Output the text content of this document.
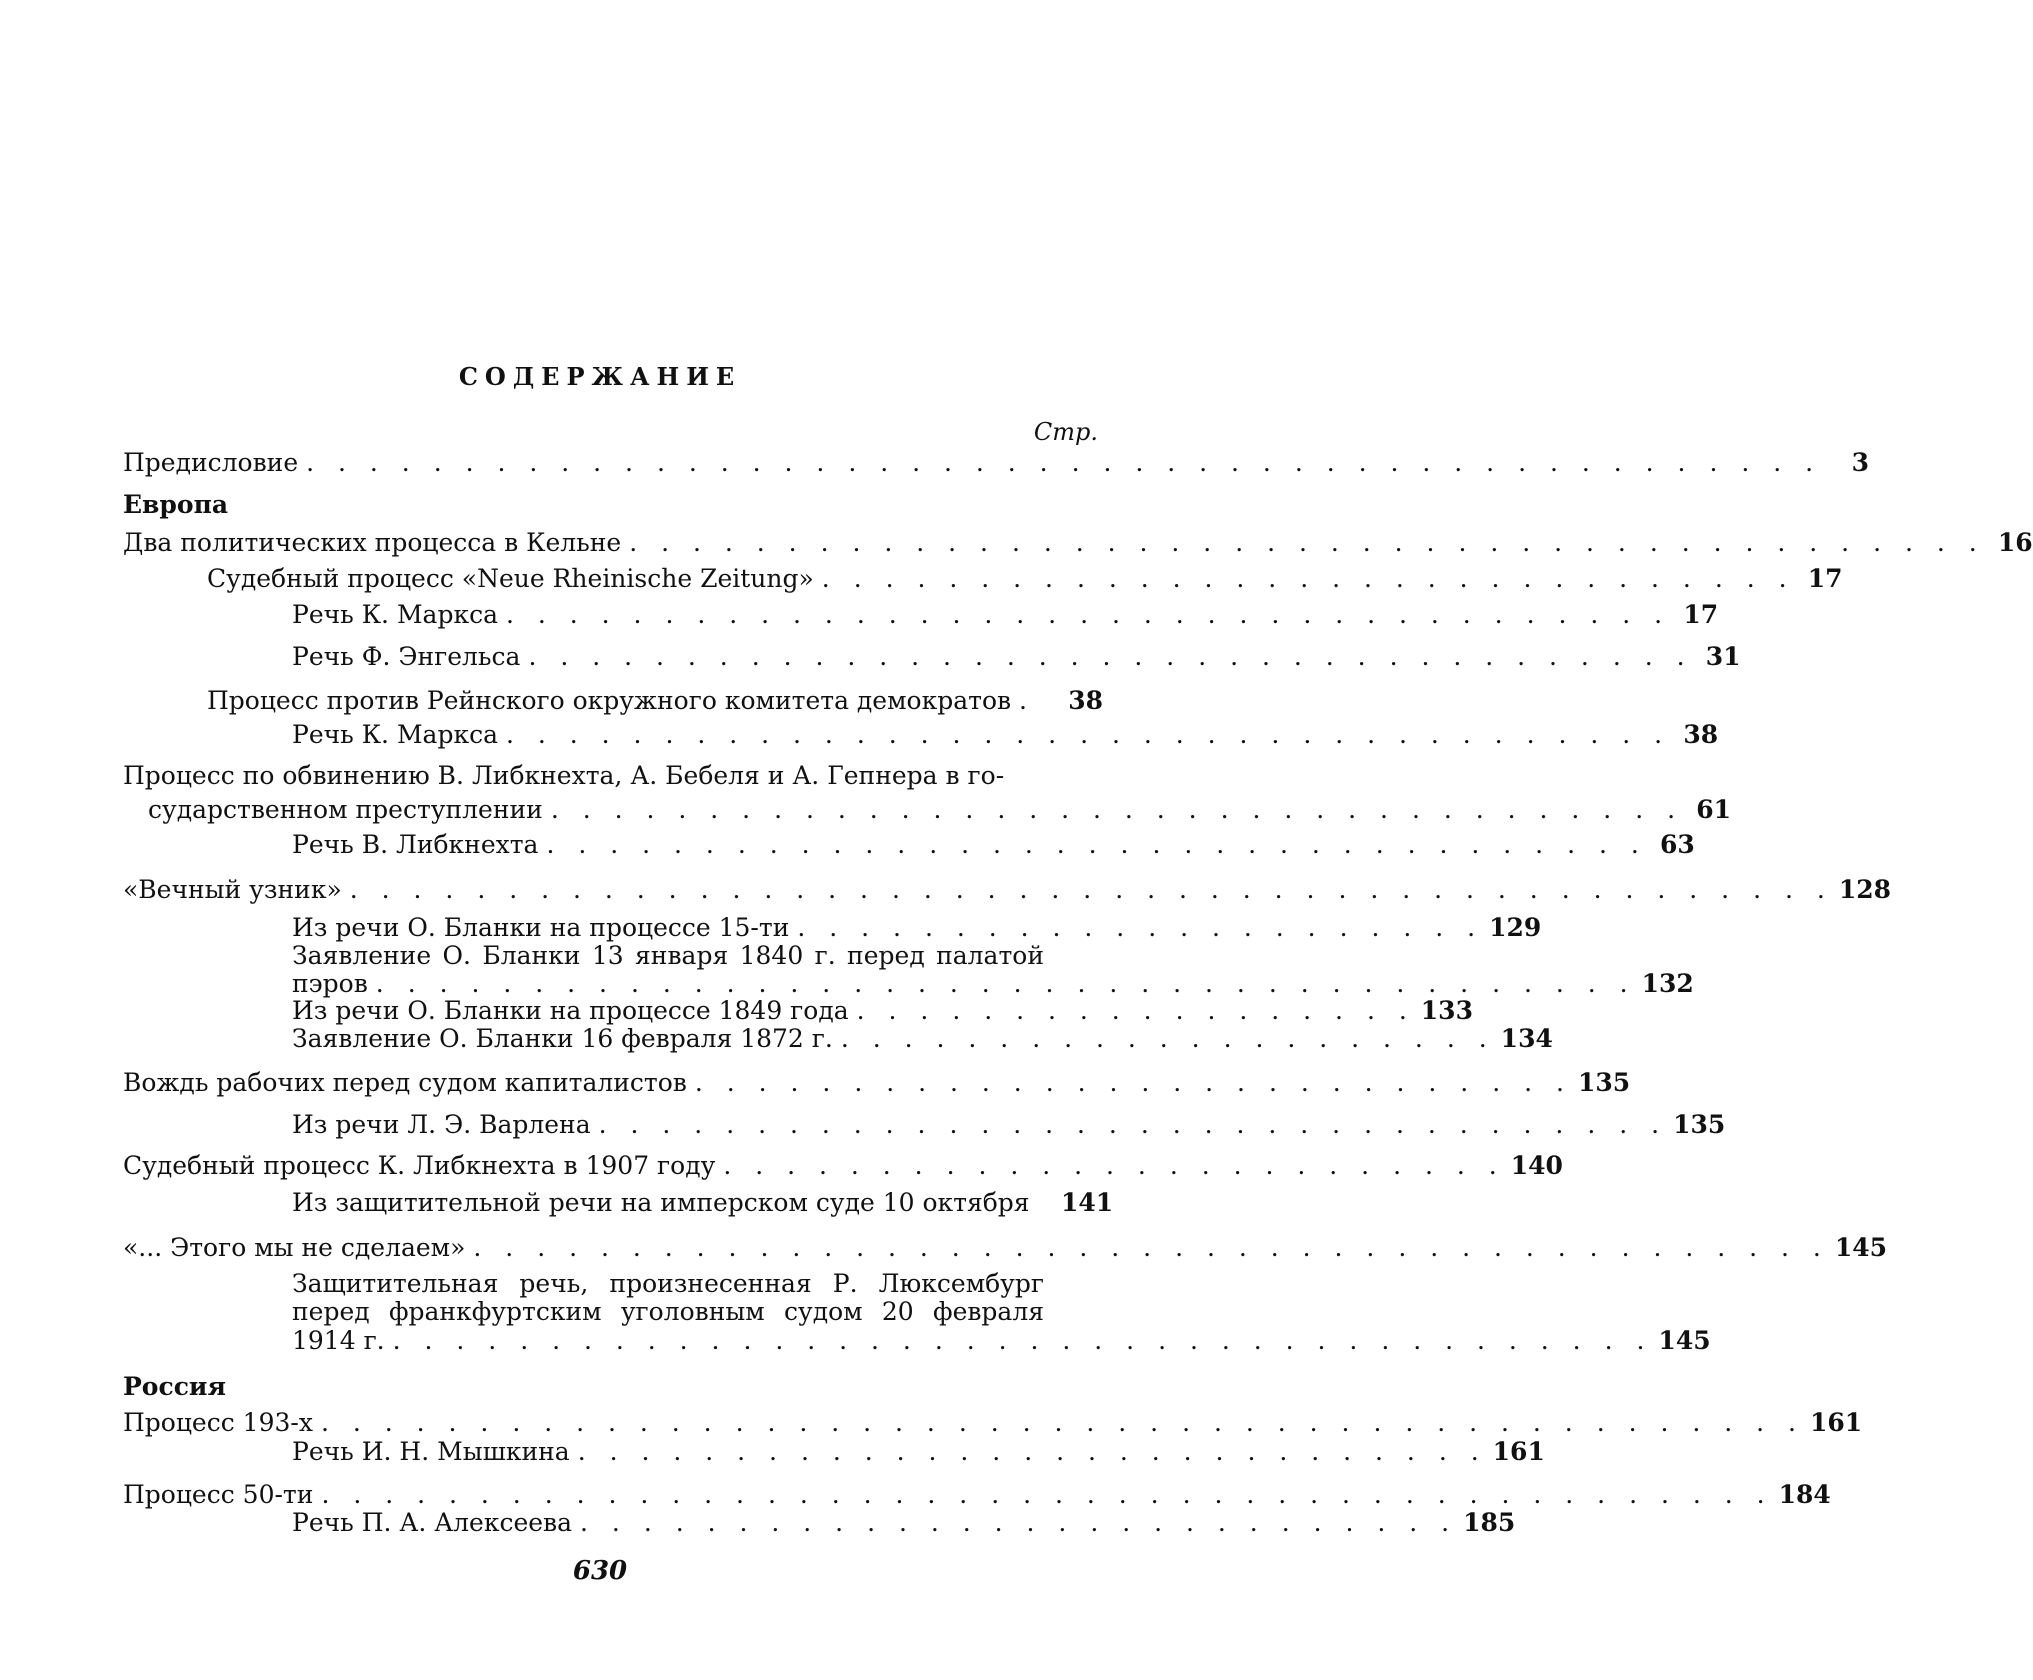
СОДЕРЖАНИЕ
Стр.
Предисловие . . . . . . . . . . . . . . . . . . . . . . . . . . . . . . . . . . . . . . . . . . . . . . . .	3
Европа
Два политических процесса в Кельне . . . . . . . . . . . . . . . . . . . . . . . . . . . . . . . . . . . . . . . . . . . 16
Судебный процесс «Neue Rheinische Zeitung» . . . . . . . . . . . . . . . . . . . . . . . . . . . . . . . 17
Речь К. Маркса . . . . . . . . . . . . . . . . . . . . . . . . . . . . . . . . . . . . . 17
Речь Ф. Энгельса . . . . . . . . . . . . . . . . . . . . . . . . . . . . . . . . . . . . . 31
Процесс против Рейнского окружного комитета демократов . 38
Речь К. Маркса . . . . . . . . . . . . . . . . . . . . . . . . . . . . . . . . . . . . . 38
Процесс по обвинению В. Либкнехта, А. Бебеля и А. Гепнера в го-
сударственном преступлении . . . . . . . . . . . . . . . . . . . . . . . . . . . . . . . . . . . . 61
Речь В. Либкнехта . . . . . . . . . . . . . . . . . . . . . . . . . . . . . . . . . . . 63
«Вечный узник» . . . . . . . . . . . . . . . . . . . . . . . . . . . . . . . . . . . . . . . . . . . . . . . 128
Из речи О. Бланки на процессе 15-ти . . . . . . . . . . . . . . . . . . . . . . 129
Заявление О. Бланки 13 января 1840 г. перед палатой
пэров . . . . . . . . . . . . . . . . . . . . . . . . . . . . . . . . . . . . . . . . 132
Из речи О. Бланки на процессе 1849 года . . . . . . . . . . . . . . . . . . 133
Заявление О. Бланки 16 февраля 1872 г. . . . . . . . . . . . . . . . . . . . . . 134
Вождь рабочих перед судом капиталистов . . . . . . . . . . . . . . . . . . . . . . . . . . . . 135
Из речи Л. Э. Варлена . . . . . . . . . . . . . . . . . . . . . . . . . . . . . . . . . . 135
Судебный процесс К. Либкнехта в 1907 году . . . . . . . . . . . . . . . . . . . . . . . . . 140
Из защитительной речи на имперском суде 10 октября 141
«... Этого мы не сделаем» . . . . . . . . . . . . . . . . . . . . . . . . . . . . . . . . . . . . . . . . . . . 145
Защитительная речь, произнесенная Р. Люксембург
перед франкфуртским уголовным судом 20 февраля
1914 г. . . . . . . . . . . . . . . . . . . . . . . . . . . . . . . . . . . . . . . . . 145
Россия
Процесс 193-х . . . . . . . . . . . . . . . . . . . . . . . . . . . . . . . . . . . . . . . . . . . . . . . 161
Речь И. Н. Мышкина . . . . . . . . . . . . . . . . . . . . . . . . . . . . . 161
Процесс 50-ти . . . . . . . . . . . . . . . . . . . . . . . . . . . . . . . . . . . . . . . . . . . . . . 184
Речь П. А. Алексеева . . . . . . . . . . . . . . . . . . . . . . . . . . . . 185
630
